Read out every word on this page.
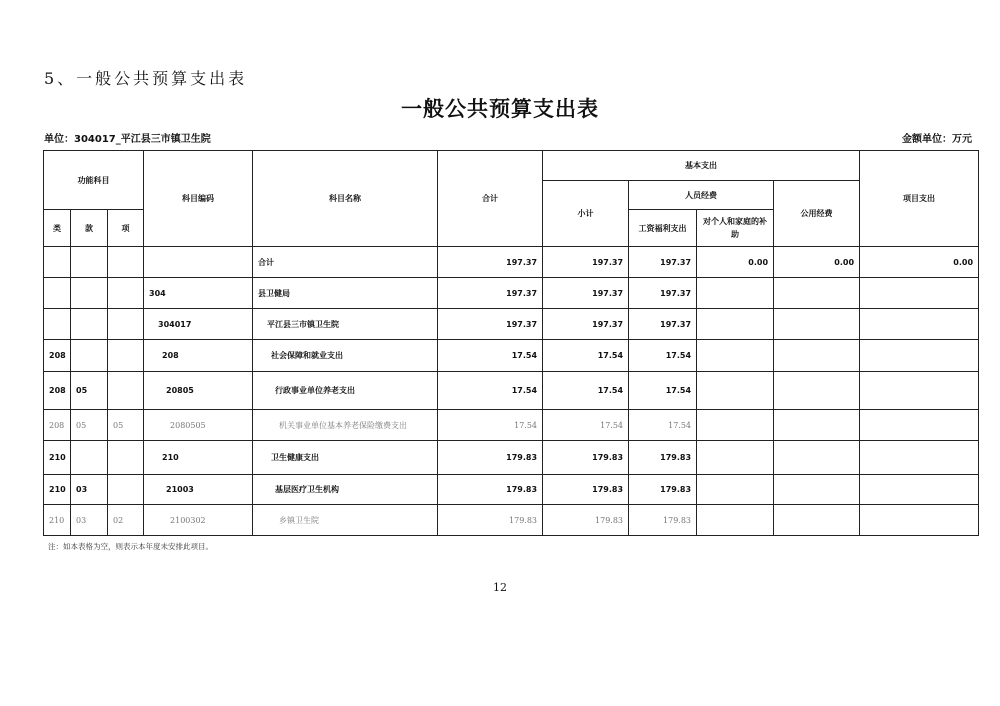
5、一般公共预算支出表
一般公共预算支出表
单位：304017_平江县三市镇卫生院	金额单位：万元
功能科目			科目编码	科目名称	合计	基本支出				项目支出
						小计	人员经费		公用经费	
类	款	项					工资福利支出	对个人和家庭的补助		
				合计	197.37	197.37	197.37	0.00	0.00	0.00
			304	县卫健局	197.37	197.37	197.37			
			304017	平江县三市镇卫生院	197.37	197.37	197.37			
208			208	社会保障和就业支出	17.54	17.54	17.54			
208	05		20805	行政事业单位养老支出	17.54	17.54	17.54			
208	05	05	2080505	机关事业单位基本养老保险缴费支出	17.54	17.54	17.54			
210			210	卫生健康支出	179.83	179.83	179.83			
210	03		21003	基层医疗卫生机构	179.83	179.83	179.83			
210	03	02	2100302	乡镇卫生院	179.83	179.83	179.83			
注：如本表格为空，则表示本年度未安排此项目。
12
